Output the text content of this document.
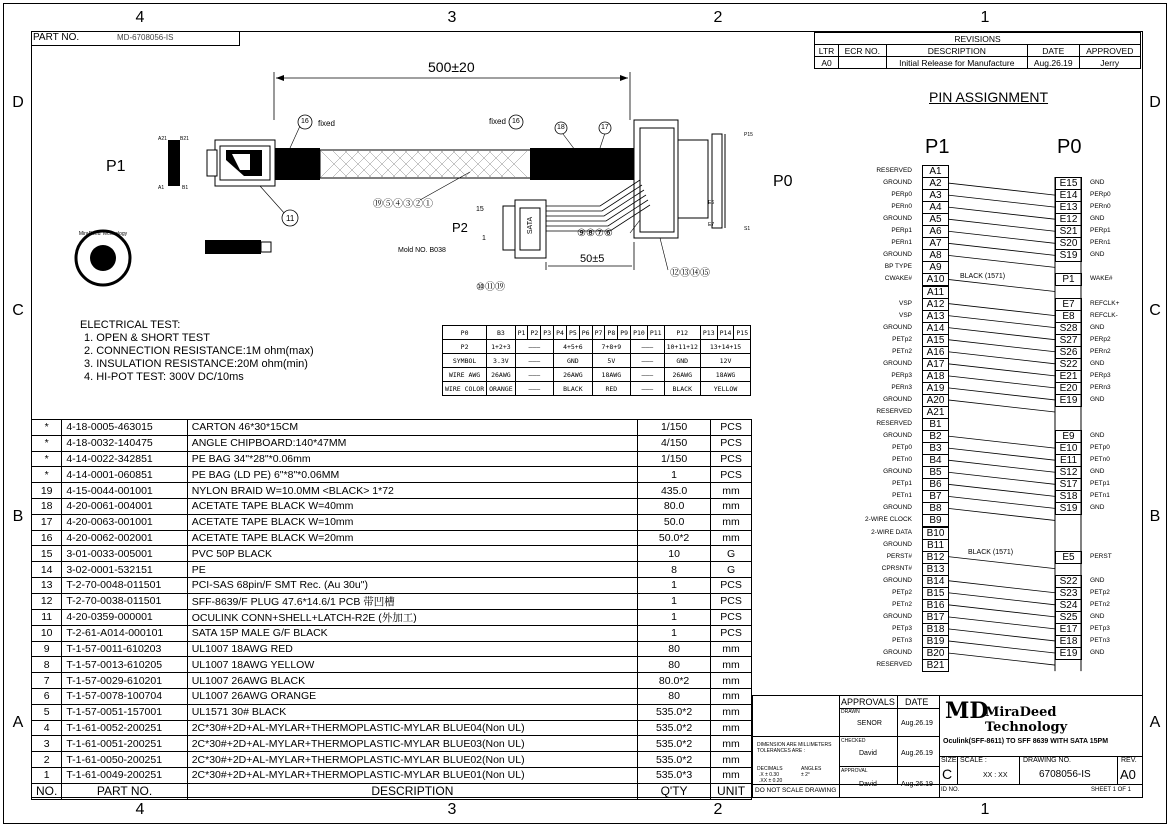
4	3	2	1
4	3	2	1
D
C
B
A
D
C
B
A
PART NO.	MD-6708056-IS	REVISIONS				
LTR	ECR NO.	DESCRIPTION	DATE	APPROVED
A0		Initial Release for Manufacture	Aug.26.19	Jerry
P1
P0
P2
500±20
50±5
fixed	fixed
Mold NO. B038
16	16
18	17
11
⑲⑤④③②①
⑨⑧⑦⑥
⑫⑬⑭⑮
⑩⑪⑲
A21	B21
A1	B1
P15
E6
E7
S1
15
1
SATA
MiraDeed Technology
ELECTRICAL TEST:
1. OPEN & SHORT TEST
2. CONNECTION RESISTANCE:1M ohm(max)
3. INSULATION RESISTANCE:20M ohm(min)
4. HI-POT TEST: 300V DC/10ms
P0	B3	P1	P2	P3	P4	P5	P6	P7	P8	P9	P10	P11	P12	P13	P14	P15
P2	1+2+3	———			4+5+6			7+8+9			———		10+11+12	13+14+15		
SYMBOL	3.3V	———			GND			5V			———		GND	12V		
WIRE AWG	26AWG	———			26AWG			18AWG			———		26AWG	18AWG		
WIRE COLOR	ORANGE	———			BLACK			RED			———		BLACK	YELLOW		
*	4-18-0005-463015	CARTON 46*30*15CM	1/150	PCS
*	4-18-0032-140475	ANGLE CHIPBOARD:140*47MM	4/150	PCS
*	4-14-0022-342851	PE BAG 34"*28"*0.06mm	1/150	PCS
*	4-14-0001-060851	PE BAG (LD PE) 6"*8"*0.06MM	1	PCS
19	4-15-0044-001001	NYLON BRAID W=10.0MM <BLACK> 1*72	435.0	mm
18	4-20-0061-004001	ACETATE TAPE BLACK W=40mm	80.0	mm
17	4-20-0063-001001	ACETATE TAPE BLACK W=10mm	50.0	mm
16	4-20-0062-002001	ACETATE TAPE BLACK W=20mm	50.0*2	mm
15	3-01-0033-005001	PVC 50P BLACK	10	G
14	3-02-0001-532151	PE	8	G
13	T-2-70-0048-011501	PCI-SAS 68pin/F SMT Rec. (Au 30u")	1	PCS
12	T-2-70-0038-011501	SFF-8639/F PLUG 47.6*14.6/1 PCB 带凹槽	1	PCS
11	4-20-0359-000001	OCULINK CONN+SHELL+LATCH-R2E (外加工)	1	PCS
10	T-2-61-A014-000101	SATA 15P MALE G/F BLACK	1	PCS
9	T-1-57-0011-610203	UL1007 18AWG RED	80	mm
8	T-1-57-0013-610205	UL1007 18AWG YELLOW	80	mm
7	T-1-57-0029-610201	UL1007 26AWG BLACK	80.0*2	mm
6	T-1-57-0078-100704	UL1007 26AWG ORANGE	80	mm
5	T-1-57-0051-157001	UL1571 30# BLACK	535.0*2	mm
4	T-1-61-0052-200251	2C*30#+2D+AL-MYLAR+THERMOPLASTIC-MYLAR BLUE04(Non UL)	535.0*2	mm
3	T-1-61-0051-200251	2C*30#+2D+AL-MYLAR+THERMOPLASTIC-MYLAR BLUE03(Non UL)	535.0*2	mm
2	T-1-61-0050-200251	2C*30#+2D+AL-MYLAR+THERMOPLASTIC-MYLAR BLUE02(Non UL)	535.0*2	mm
1	T-1-61-0049-200251	2C*30#+2D+AL-MYLAR+THERMOPLASTIC-MYLAR BLUE01(Non UL)	535.0*3	mm
NO.	PART NO.	DESCRIPTION	Q'TY	UNIT
PIN ASSIGNMENT
P1	P0
RESERVED	A1
GROUND	A2
PERp0	A3
PERn0	A4
GROUND	A5
PERp1	A6
PERn1	A7
GROUND	A8
BP TYPE	A9
CWAKE#	A10
A11
VSP	A12
VSP	A13
GROUND	A14
PETp2	A15
PETn2	A16
GROUND	A17
PERp3	A18
PERn3	A19
GROUND	A20
RESERVED	A21
RESERVED	B1
GROUND	B2
PETp0	B3
PETn0	B4
GROUND	B5
PETp1	B6
PETn1	B7
GROUND	B8
2-WIRE CLOCK	B9
2-WIRE DATA	B10
GROUND	B11
PERST#	B12
CPRSNT#	B13
GROUND	B14
PETp2	B15
PETn2	B16
GROUND	B17
PETp3	B18
PETn3	B19
GROUND	B20
RESERVED	B21
E15	GND
E14	PERp0
E13	PERn0
E12	GND
S21	PERp1
S20	PERn1
S19	GND
P1	WAKE#
E7	REFCLK+
E8	REFCLK-
S28	GND
S27	PERp2
S26	PERn2
S22	GND
E21	PERp3
E20	PERn3
E19	GND
E9	GND
E10	PETp0
E11	PETn0
S12	GND
S17	PETp1
S18	PETn1
S19	GND
E5	PERST
S22	GND
S23	PETp2
S24	PETn2
S25	GND
E17	PETp3
E18	PETn3
E19	GND
BLACK (1571)
BLACK (1571)
APPROVALS DATE
DRAWN
SENOR	Aug.26.19
CHECKED
David	Aug.26.19
APPROVAL
David	Aug.26.19
DIMENSION ARE MILLIMETERS
TOLERANCES ARE :
DECIMALS	ANGLES
.X ± 0.30
.XX ± 0.20
± 2°
DO NOT SCALE DRAWING
MD
MiraDeed Technology
Oculink(SFF-8611) TO SFF 8639 WITH SATA 15PM
SIZE
C
SCALE :
XX : XX
DRAWING NO.
6708056-IS
REV.
A0
ID NO.	SHEET 1 OF 1
